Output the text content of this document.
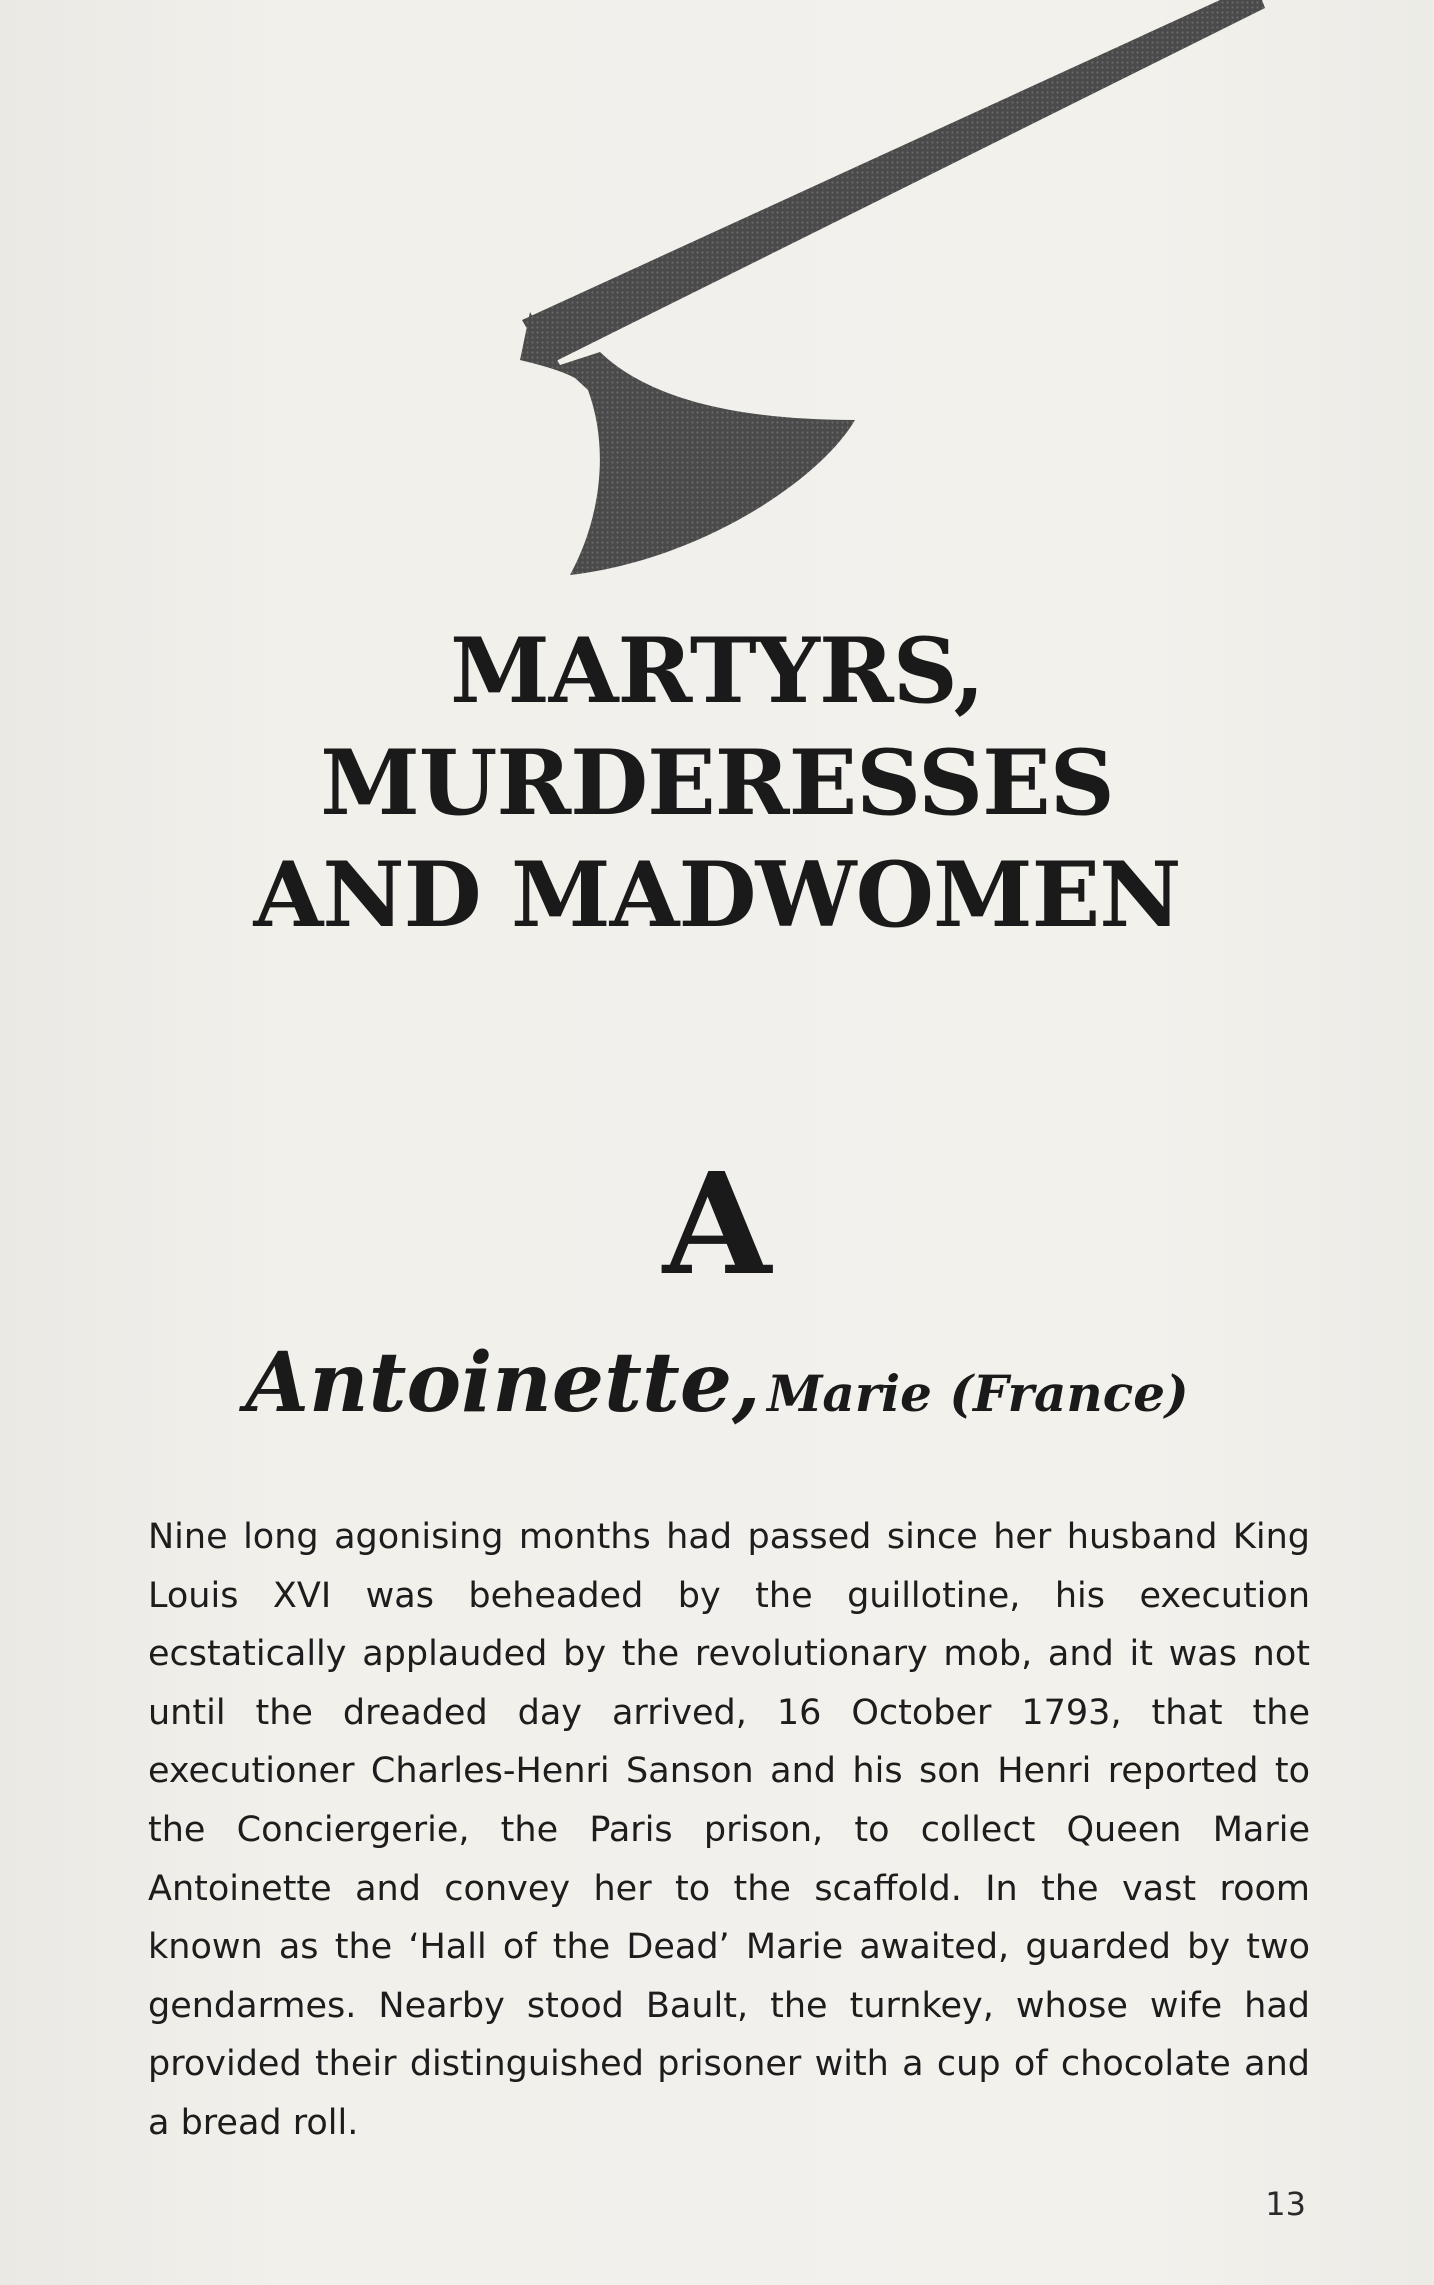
MARTYRS,
MURDERESSES
AND MADWOMEN
A
Antoinette, Marie (France)

Nine long agonising months had passed since her husband King Louis XVI was beheaded by the guillotine, his execution ecstatically applauded by the revolutionary mob, and it was not until the dreaded day arrived, 16 October 1793, that the executioner Charles-Henri Sanson and his son Henri reported to the Conciergerie, the Paris prison, to collect Queen Marie Antoinette and convey her to the scaffold. In the vast room known as the ‘Hall of the Dead’ Marie awaited, guarded by two gendarmes. Nearby stood Bault, the turnkey, whose wife had provided their distinguished prisoner with a cup of chocolate and a bread roll.

13
